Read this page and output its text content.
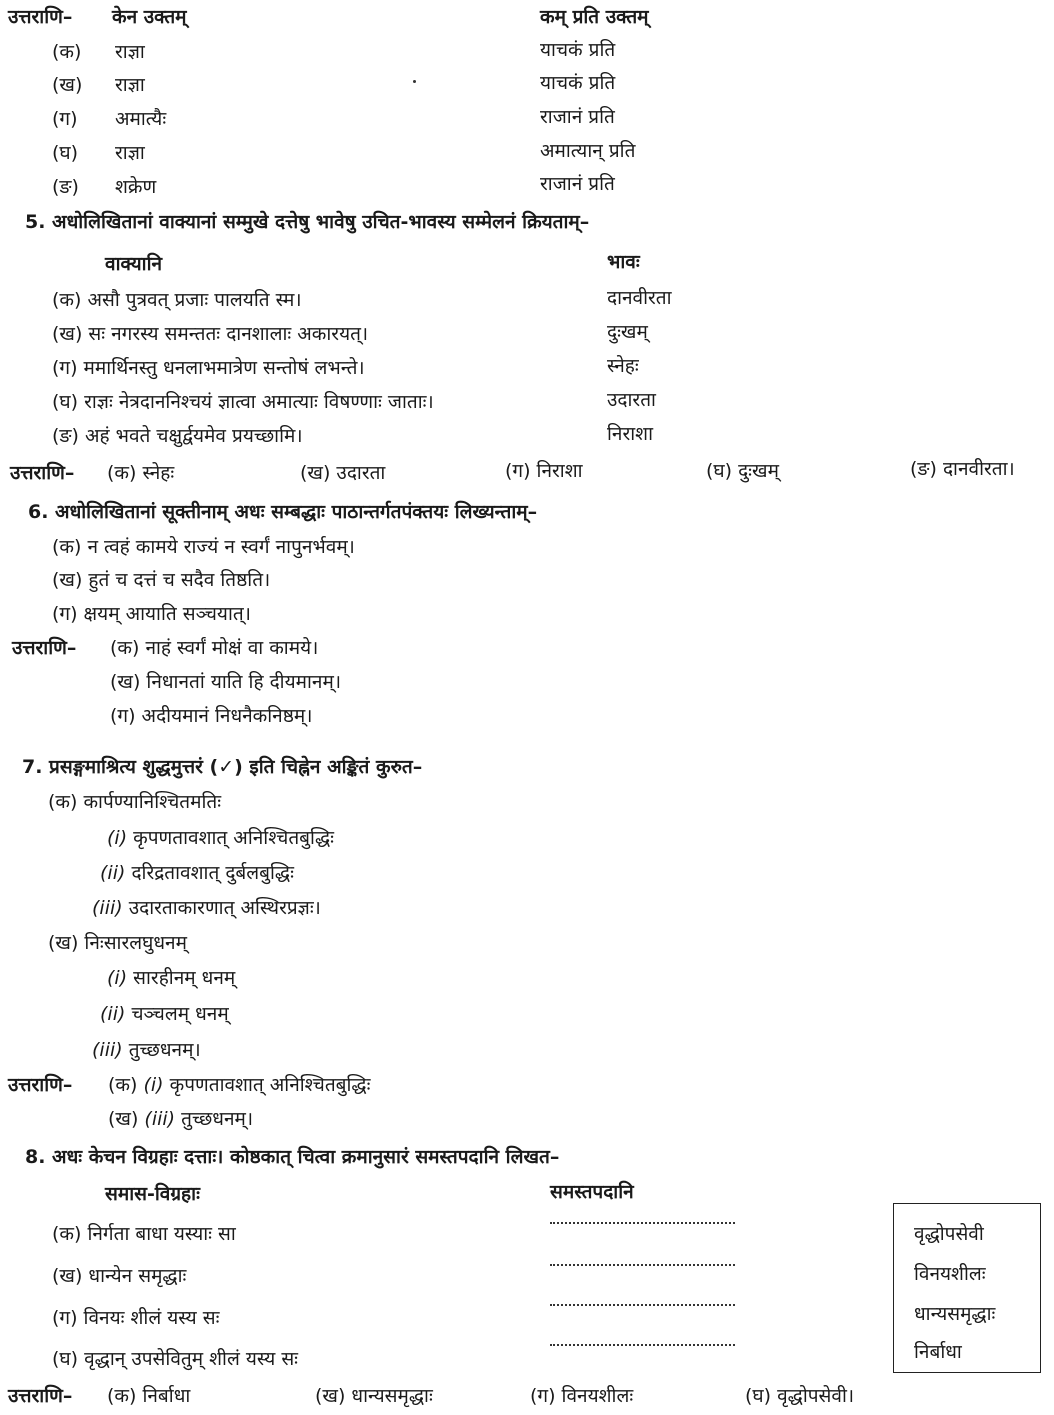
उत्तराणि– केन उक्तम्	कम् प्रति उक्तम्
(क) राज्ञा	याचकं प्रति
(ख) राज्ञा	याचकं प्रति
(ग) अमात्यैः	राजानं प्रति
(घ) राज्ञा	अमात्यान् प्रति
(ङ) शक्रेण	राजानं प्रति
5. अधोलिखितानां वाक्यानां सम्मुखे दत्तेषु भावेषु उचित-भावस्य सम्मेलनं क्रियताम्–
वाक्यानि	भावः
(क) असौ पुत्रवत् प्रजाः पालयति स्म।	दानवीरता
(ख) सः नगरस्य समन्ततः दानशालाः अकारयत्।	दुःखम्
(ग) ममार्थिनस्तु धनलाभमात्रेण सन्तोषं लभन्ते।	स्नेहः
(घ) राज्ञः नेत्रदाननिश्चयं ज्ञात्वा अमात्याः विषण्णाः जाताः।	उदारता
(ङ) अहं भवते चक्षुर्द्वयमेव प्रयच्छामि।	निराशा
उत्तराणि– (क) स्नेहः	(ख) उदारता	(ग) निराशा	(घ) दुःखम्	(ङ) दानवीरता।
6. अधोलिखितानां सूक्तीनाम् अधः सम्बद्धाः पाठान्तर्गतपंक्तयः लिख्यन्ताम्–
(क) न त्वहं कामये राज्यं न स्वर्गं नापुनर्भवम्।
(ख) हुतं च दत्तं च सदैव तिष्ठति।
(ग) क्षयम् आयाति सञ्चयात्।
उत्तराणि– (क) नाहं स्वर्गं मोक्षं वा कामये।
(ख) निधानतां याति हि दीयमानम्।
(ग) अदीयमानं निधनैकनिष्ठम्।
7. प्रसङ्गमाश्रित्य शुद्धमुत्तरं (✓) इति चिह्नेन अङ्कितं कुरुत–
(क) कार्पण्यानिश्चितमतिः
(i) कृपणतावशात् अनिश्चितबुद्धिः
(ii) दरिद्रतावशात् दुर्बलबुद्धिः
(iii) उदारताकारणात् अस्थिरप्रज्ञः।
(ख) निःसारलघुधनम्
(i) सारहीनम् धनम्
(ii) चञ्चलम् धनम्
(iii) तुच्छधनम्।
उत्तराणि– (क) (i) कृपणतावशात् अनिश्चितबुद्धिः
(ख) (iii) तुच्छधनम्।
8. अधः केचन विग्रहाः दत्ताः। कोष्ठकात् चित्वा क्रमानुसारं समस्तपदानि लिखत–
समास-विग्रहाः	समस्तपदानि
(क) निर्गता बाधा यस्याः सा
(ख) धान्येन समृद्धाः
(ग) विनयः शीलं यस्य सः
(घ) वृद्धान् उपसेवितुम् शीलं यस्य सः
वृद्धोपसेवी
विनयशीलः
धान्यसमृद्धाः
निर्बाधा
उत्तराणि– (क) निर्बाधा	(ख) धान्यसमृद्धाः	(ग) विनयशीलः	(घ) वृद्धोपसेवी।
